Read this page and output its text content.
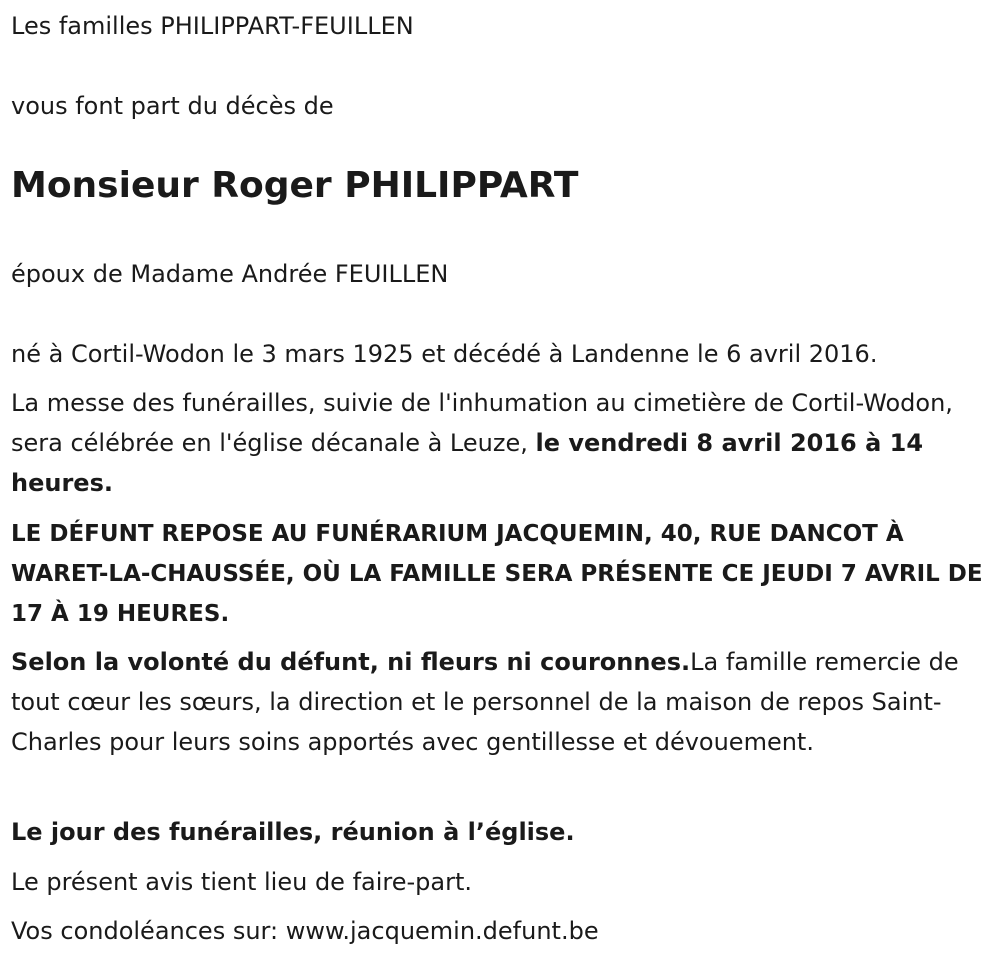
Les familles PHILIPPART-FEUILLEN

vous font part du décès de

Monsieur Roger PHILIPPART

époux de Madame Andrée FEUILLEN

né à Cortil-Wodon le 3 mars 1925 et décédé à Landenne le 6 avril 2016.

La messe des funérailles, suivie de l'inhumation au cimetière de Cortil-Wodon, sera célébrée en l'église décanale à Leuze, le vendredi 8 avril 2016 à 14 heures.

LE DÉFUNT REPOSE AU FUNÉRARIUM JACQUEMIN, 40, RUE DANCOT À WARET-LA-CHAUSSÉE, OÙ LA FAMILLE SERA PRÉSENTE CE JEUDI 7 AVRIL DE 17 À 19 HEURES.

Selon la volonté du défunt, ni fleurs ni couronnes.La famille remercie de tout cœur les sœurs, la direction et le personnel de la maison de repos Saint-Charles pour leurs soins apportés avec gentillesse et dévouement.

Le jour des funérailles, réunion à l’église.

Le présent avis tient lieu de faire-part.

Vos condoléances sur: www.jacquemin.defunt.be
